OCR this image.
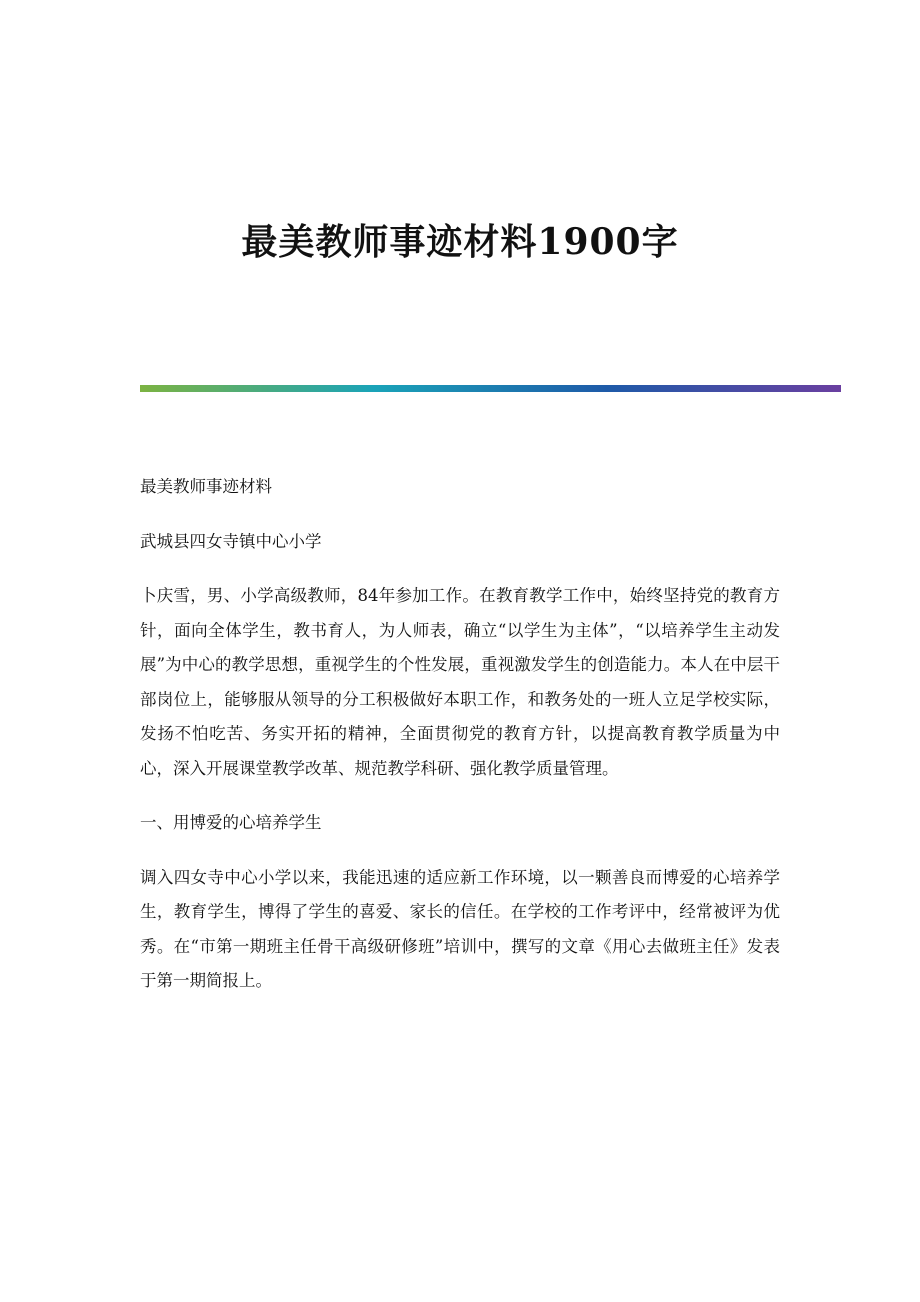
最美教师事迹材料1900字

最美教师事迹材料

武城县四女寺镇中心小学

卜庆雪，男、小学高级教师，84年参加工作。在教育教学工作中，始终坚持党的教育方针，面向全体学生，教书育人，为人师表，确立“以学生为主体”，“以培养学生主动发展”为中心的教学思想，重视学生的个性发展，重视激发学生的创造能力。本人在中层干部岗位上，能够服从领导的分工积极做好本职工作，和教务处的一班人立足学校实际，发扬不怕吃苦、务实开拓的精神，全面贯彻党的教育方针，以提高教育教学质量为中心，深入开展课堂教学改革、规范教学科研、强化教学质量管理。

一、用博爱的心培养学生

调入四女寺中心小学以来，我能迅速的适应新工作环境，以一颗善良而博爱的心培养学生，教育学生，博得了学生的喜爱、家长的信任。在学校的工作考评中，经常被评为优秀。在“市第一期班主任骨干高级研修班”培训中，撰写的文章《用心去做班主任》发表于第一期简报上。
